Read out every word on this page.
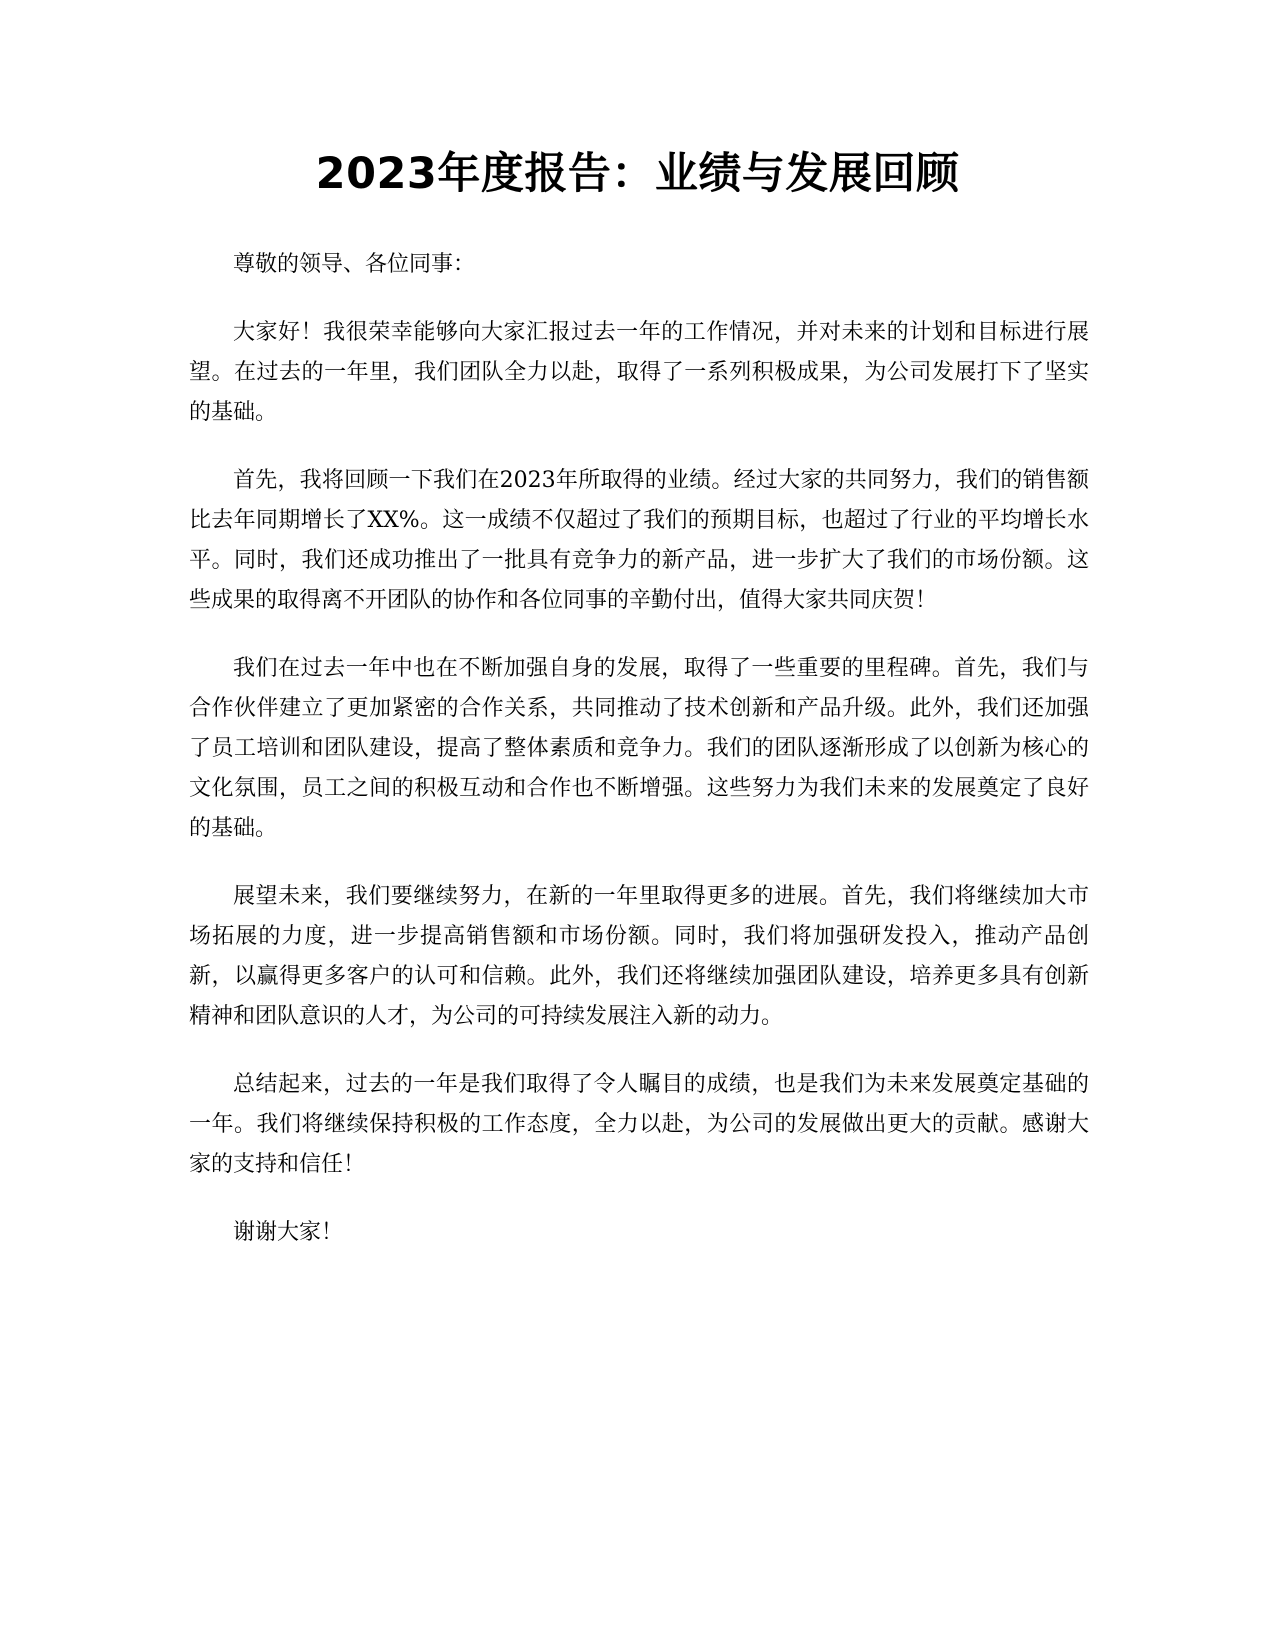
2023年度报告：业绩与发展回顾

尊敬的领导、各位同事：

大家好！我很荣幸能够向大家汇报过去一年的工作情况，并对未来的计划和目标进行展望。在过去的一年里，我们团队全力以赴，取得了一系列积极成果，为公司发展打下了坚实的基础。

首先，我将回顾一下我们在2023年所取得的业绩。经过大家的共同努力，我们的销售额比去年同期增长了XX%。这一成绩不仅超过了我们的预期目标，也超过了行业的平均增长水平。同时，我们还成功推出了一批具有竞争力的新产品，进一步扩大了我们的市场份额。这些成果的取得离不开团队的协作和各位同事的辛勤付出，值得大家共同庆贺！

我们在过去一年中也在不断加强自身的发展，取得了一些重要的里程碑。首先，我们与合作伙伴建立了更加紧密的合作关系，共同推动了技术创新和产品升级。此外，我们还加强了员工培训和团队建设，提高了整体素质和竞争力。我们的团队逐渐形成了以创新为核心的文化氛围，员工之间的积极互动和合作也不断增强。这些努力为我们未来的发展奠定了良好的基础。

展望未来，我们要继续努力，在新的一年里取得更多的进展。首先，我们将继续加大市场拓展的力度，进一步提高销售额和市场份额。同时，我们将加强研发投入，推动产品创新，以赢得更多客户的认可和信赖。此外，我们还将继续加强团队建设，培养更多具有创新精神和团队意识的人才，为公司的可持续发展注入新的动力。

总结起来，过去的一年是我们取得了令人瞩目的成绩，也是我们为未来发展奠定基础的一年。我们将继续保持积极的工作态度，全力以赴，为公司的发展做出更大的贡献。感谢大家的支持和信任！

谢谢大家！
